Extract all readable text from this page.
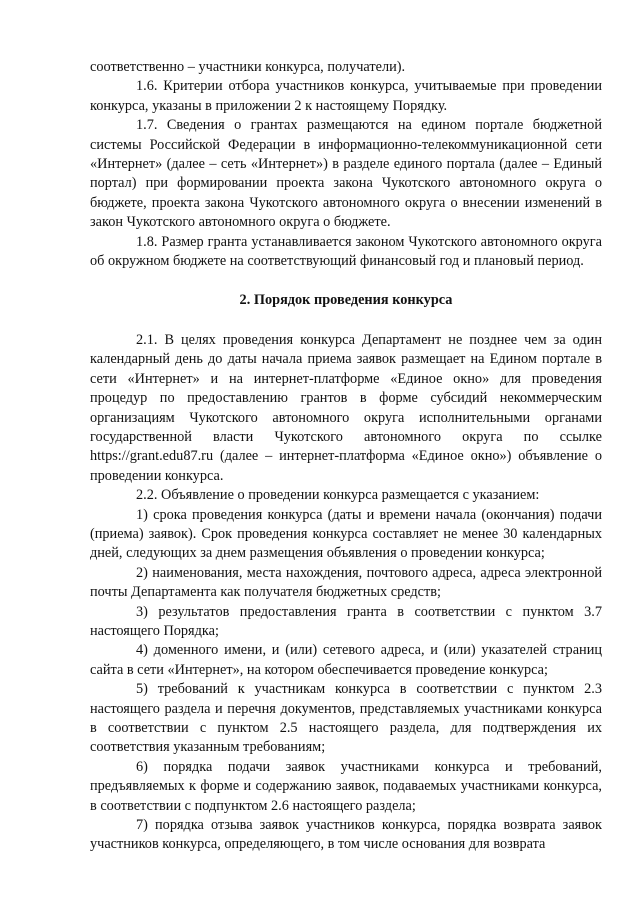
соответственно – участники конкурса, получатели).

1.6. Критерии отбора участников конкурса, учитываемые при проведении конкурса, указаны в приложении 2 к настоящему Порядку.

1.7. Сведения о грантах размещаются на едином портале бюджетной системы Российской Федерации в информационно-телекоммуникационной сети «Интернет» (далее – сеть «Интернет») в разделе единого портала (далее – Единый портал) при формировании проекта закона Чукотского автономного округа о бюджете, проекта закона Чукотского автономного округа о внесении изменений в закон Чукотского автономного округа о бюджете.

1.8. Размер гранта устанавливается законом Чукотского автономного округа об окружном бюджете на соответствующий финансовый год и плановый период.

2. Порядок проведения конкурса

2.1. В целях проведения конкурса Департамент не позднее чем за один календарный день до даты начала приема заявок размещает на Едином портале в сети «Интернет» и на интернет-платформе «Единое окно» для проведения процедур по предоставлению грантов в форме субсидий некоммерческим организациям Чукотского автономного округа исполнительными органами государственной власти Чукотского автономного округа по ссылке https://grant.edu87.ru (далее – интернет-платформа «Единое окно») объявление о проведении конкурса.

2.2. Объявление о проведении конкурса размещается с указанием:

1) срока проведения конкурса (даты и времени начала (окончания) подачи (приема) заявок). Срок проведения конкурса составляет не менее 30 календарных дней, следующих за днем размещения объявления о проведении конкурса;

2) наименования, места нахождения, почтового адреса, адреса электронной почты Департамента как получателя бюджетных средств;

3) результатов предоставления гранта в соответствии с пунктом 3.7 настоящего Порядка;

4) доменного имени, и (или) сетевого адреса, и (или) указателей страниц сайта в сети «Интернет», на котором обеспечивается проведение конкурса;

5) требований к участникам конкурса в соответствии с пунктом 2.3 настоящего раздела и перечня документов, представляемых участниками конкурса в соответствии с пунктом 2.5 настоящего раздела, для подтверждения их соответствия указанным требованиям;

6) порядка подачи заявок участниками конкурса и требований, предъявляемых к форме и содержанию заявок, подаваемых участниками конкурса, в соответствии с подпунктом 2.6 настоящего раздела;

7) порядка отзыва заявок участников конкурса, порядка возврата заявок участников конкурса, определяющего, в том числе основания для возврата
